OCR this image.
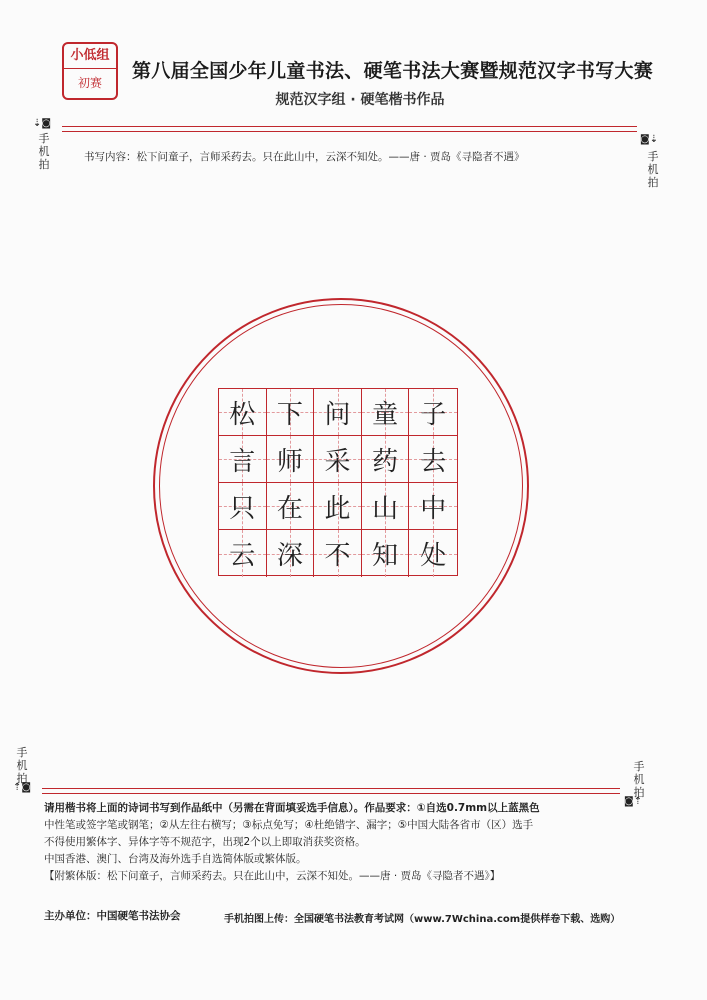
小低组
初赛
第八届全国少年儿童书法、硬笔书法大赛暨规范汉字书写大赛
规范汉字组 · 硬笔楷书作品
⇣◙
手
机
拍
◙⇣
手
机
拍
书写内容：松下问童子，言师采药去。只在此山中，云深不知处。——唐 · 贾岛《寻隐者不遇》
松 下 问 童 子
言 师 采 药 去
只 在 此 山 中
云 深 不 知 处
手
机
拍
⇡◙
手
机
拍
◙⇡

请用楷书将上面的诗词书写到作品纸中（另需在背面填妥选手信息）。作品要求：①自选0.7mm以上蓝黑色

中性笔或签字笔或钢笔；②从左往右横写；③标点免写；④杜绝错字、漏字；⑤中国大陆各省市（区）选手

不得使用繁体字、异体字等不规范字，出现2个以上即取消获奖资格。

中国香港、澳门、台湾及海外选手自选简体版或繁体版。

【附繁体版：松下问童子，言师采药去。只在此山中，云深不知处。——唐 · 贾岛《寻隐者不遇》】

主办单位：中国硬笔书法协会	手机拍图上传：全国硬笔书法教育考试网（www.7Wchina.com提供样卷下载、选购）
